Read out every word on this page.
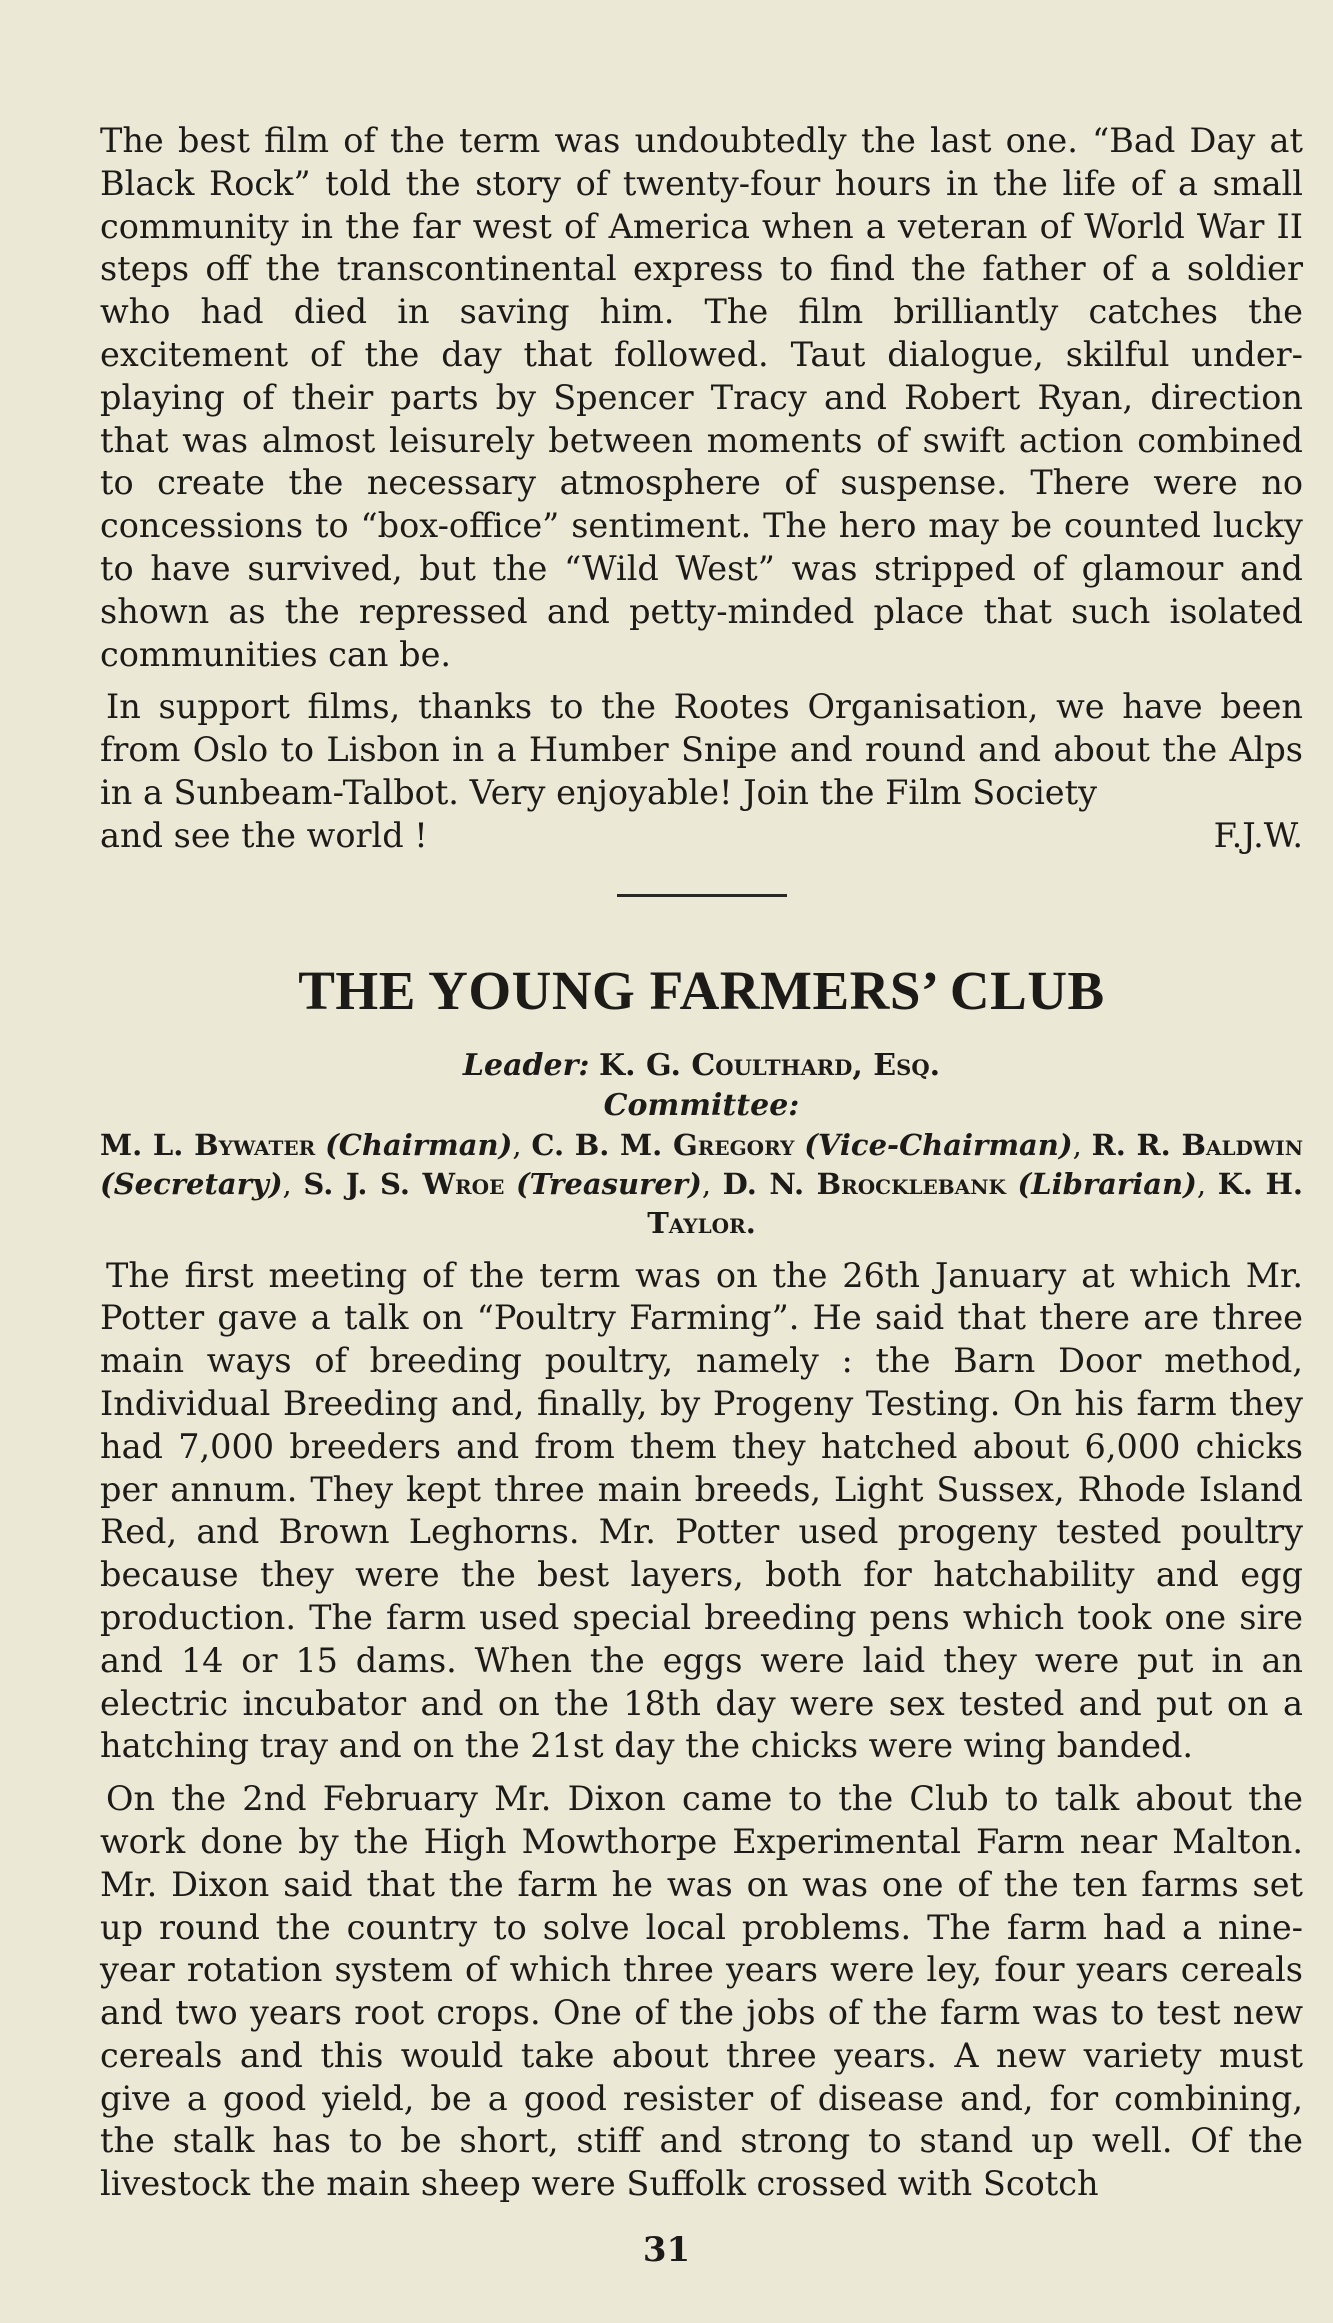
The best film of the term was undoubtedly the last one. “Bad Day at Black Rock” told the story of twenty-four hours in the life of a small community in the far west of America when a veteran of World War II steps off the transcontinental express to find the father of a soldier who had died in saving him. The film brilliantly catches the excitement of the day that followed. Taut dialogue, skilful under-playing of their parts by Spencer Tracy and Robert Ryan, direction that was almost leisurely between moments of swift action combined to create the necessary atmosphere of suspense. There were no concessions to “box-office” sentiment. The hero may be counted lucky to have survived, but the “Wild West” was stripped of glamour and shown as the repressed and petty-minded place that such isolated communities can be.

In support films, thanks to the Rootes Organisation, we have been from Oslo to Lisbon in a Humber Snipe and round and about the Alps in a Sunbeam-Talbot. Very enjoyable! Join the Film Society

and see the world !	F.J.W.
THE YOUNG FARMERS’ CLUB
Leader: K. G. Coulthard, Esq.
Committee:
M. L. Bywater (Chairman), C. B. M. Gregory (Vice-Chairman), R. R. Baldwin (Secretary), S. J. S. Wroe (Treasurer), D. N. Brocklebank (Librarian), K. H. Taylor.

The first meeting of the term was on the 26th January at which Mr. Potter gave a talk on “Poultry Farming”. He said that there are three main ways of breeding poultry, namely : the Barn Door method, Individual Breeding and, finally, by Progeny Testing. On his farm they had 7,000 breeders and from them they hatched about 6,000 chicks per annum. They kept three main breeds, Light Sussex, Rhode Island Red, and Brown Leghorns. Mr. Potter used progeny tested poultry because they were the best layers, both for hatchability and egg production. The farm used special breeding pens which took one sire and 14 or 15 dams. When the eggs were laid they were put in an electric incubator and on the 18th day were sex tested and put on a hatching tray and on the 21st day the chicks were wing banded.

On the 2nd February Mr. Dixon came to the Club to talk about the work done by the High Mowthorpe Experimental Farm near Malton. Mr. Dixon said that the farm he was on was one of the ten farms set up round the country to solve local problems. The farm had a nine-year rotation system of which three years were ley, four years cereals and two years root crops. One of the jobs of the farm was to test new cereals and this would take about three years. A new variety must give a good yield, be a good resister of disease and, for combining, the stalk has to be short, stiff and strong to stand up well. Of the livestock the main sheep were Suffolk crossed with Scotch

31
